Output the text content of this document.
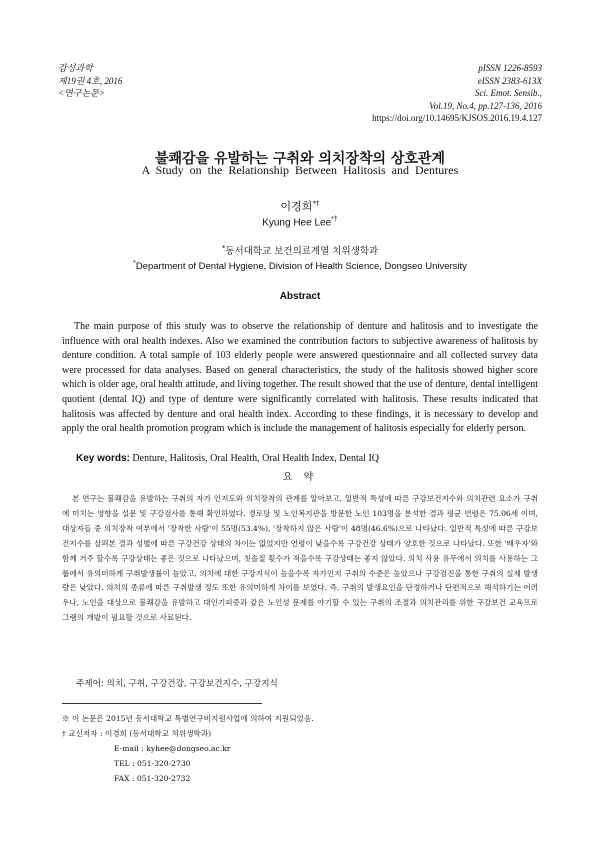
감성과학
제19권 4호, 2016
<연구논문>
pISSN 1226-8593
eISSN 2383-613X
Sci. Emot. Sensib.,
Vol.19, No.4, pp.127-136, 2016
https://doi.org/10.14695/KJSOS.2016.19.4.127
불쾌감을 유발하는 구취와 의치장착의 상호관계
A Study on the Relationship Between Halitosis and Dentures
이경희*†
Kyung Hee Lee*†
*동서대학교 보건의료계열 치위생학과
*Department of Dental Hygiene, Division of Health Science, Dongseo University
Abstract
The main purpose of this study was to observe the relationship of denture and halitosis and to investigate the influence with oral health indexes. Also we examined the contribution factors to subjective awareness of halitosis by denture condition. A total sample of 103 elderly people were answered questionnaire and all collected survey data were processed for data analyses. Based on general characteristics, the study of the halitosis showed higher score which is older age, oral health attitude, and living together. The result showed that the use of denture, dental intelligent quotient (dental IQ) and type of denture were significantly correlated with halitosis. These results indicated that halitosis was affected by denture and oral health index. According to these findings, it is necessary to develop and apply the oral health promotion program which is include the management of halitosis especially for elderly person.
Key words: Denture, Halitosis, Oral Health, Oral Health Index, Dental IQ
요 약
본 연구는 불쾌감을 유발하는 구취의 자가 인지도와 의치장착의 관계를 알아보고, 일반적 특성에 따른 구강보건지수와 의치관련 요소가 구취에 미치는 영향을 설문 및 구강검사를 통해 확인하였다. 경로당 및 노인복지관을 방문한 노인 103명을 분석한 결과 평균 연령은 75.06세 이며, 대상자들 중 의치장착 여부에서 '장착한 사람'이 55명(53.4%), '장착하지 않은 사람'이 48명(46.6%)으로 나타났다. 일반적 특성에 따른 구강보건지수를 살펴본 결과 성별에 따른 구강건강 상태의 차이는 없었지만 연령이 낮을수록 구강건강 상태가 양호한 것으로 나타났다. 또한 '배우자'와 함께 거주 할수록 구강상태는 좋은 것으로 나타났으며, 칫솔질 횟수가 적을수록 구강상태는 좋지 않았다. 의치 사용 유무에서 의치를 사용하는 그룹에서 유의미하게 구취발생률이 높았고, 의치에 대한 구강지식이 높을수록 자가인지 구취의 수준은 높았으나 구강검진을 통한 구취의 실제 발생량은 낮았다. 의치의 종류에 따른 구취발생 정도 또한 유의미하게 차이를 보였다. 즉, 구취의 발생요인을 단정하거나 단편적으로 해석하기는 어려우나, 노인을 대상으로 불쾌감을 유발하고 대인기피증과 같은 노인성 문제를 야기할 수 있는 구취의 조절과 의치관리를 위한 구강보건 교육프로그램의 개발이 필요할 것으로 사료된다.
주제어: 의치, 구취, 구강건강, 구강보건지수, 구강지식
※ 이 논문은 2015년 동서대학교 특별연구비지원사업에 의하여 지원되었음.
† 교신저자 : 이경희 (동서대학교 치위생학과)
E-mail : kyhee@dongseo.ac.kr
TEL : 051-320-2730
FAX : 051-320-2732
